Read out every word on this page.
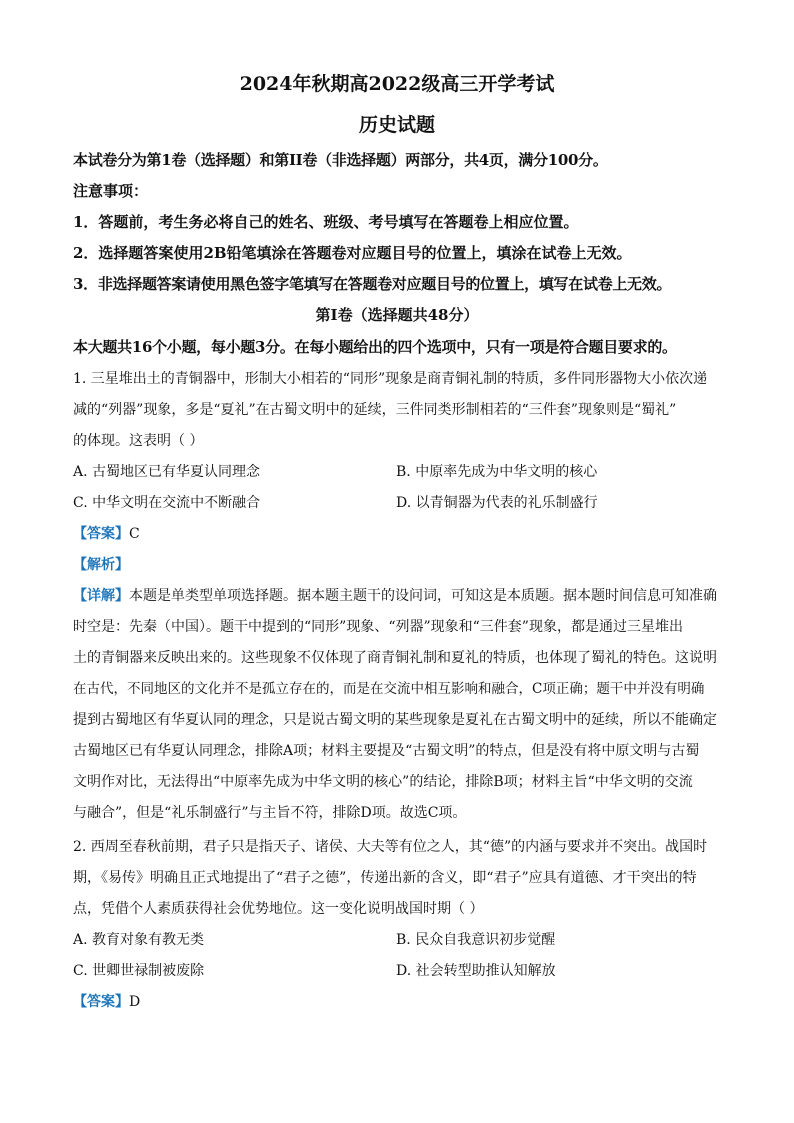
2024年秋期高2022级高三开学考试
历史试题
本试卷分为第1卷（选择题）和第II卷（非选择题）两部分，共4页，满分100分。
注意事项：
1．答题前，考生务必将自己的姓名、班级、考号填写在答题卷上相应位置。
2．选择题答案使用2B铅笔填涂在答题卷对应题目号的位置上，填涂在试卷上无效。
3．非选择题答案请使用黑色签字笔填写在答题卷对应题目号的位置上，填写在试卷上无效。
第I卷（选择题共48分）
本大题共16个小题，每小题3分。在每小题给出的四个选项中，只有一项是符合题目要求的。
1. 三星堆出土的青铜器中，形制大小相若的“同形”现象是商青铜礼制的特质，多件同形器物大小依次递
减的“列器”现象，多是“夏礼”在古蜀文明中的延续，三件同类形制相若的“三件套”现象则是“蜀礼”
的体现。这表明（ ）
A. 古蜀地区已有华夏认同理念	B. 中原率先成为中华文明的核心
C. 中华文明在交流中不断融合	D. 以青铜器为代表的礼乐制盛行
【答案】C
【解析】
【详解】本题是单类型单项选择题。据本题主题干的设问词，可知这是本质题。据本题时间信息可知准确
时空是：先秦（中国）。题干中提到的“同形”现象、“列器”现象和“三件套”现象，都是通过三星堆出
土的青铜器来反映出来的。这些现象不仅体现了商青铜礼制和夏礼的特质，也体现了蜀礼的特色。这说明
在古代，不同地区的文化并不是孤立存在的，而是在交流中相互影响和融合，C项正确；题干中并没有明确
提到古蜀地区有华夏认同的理念，只是说古蜀文明的某些现象是夏礼在古蜀文明中的延续，所以不能确定
古蜀地区已有华夏认同理念，排除A项；材料主要提及“古蜀文明”的特点，但是没有将中原文明与古蜀
文明作对比，无法得出“中原率先成为中华文明的核心”的结论，排除B项；材料主旨“中华文明的交流
与融合”，但是“礼乐制盛行”与主旨不符，排除D项。故选C项。
2. 西周至春秋前期，君子只是指天子、诸侯、大夫等有位之人，其“德”的内涵与要求并不突出。战国时
期，《易传》明确且正式地提出了“君子之德”，传递出新的含义，即“君子”应具有道德、才干突出的特
点，凭借个人素质获得社会优势地位。这一变化说明战国时期（ ）
A. 教育对象有教无类	B. 民众自我意识初步觉醒
C. 世卿世禄制被废除	D. 社会转型助推认知解放
【答案】D
